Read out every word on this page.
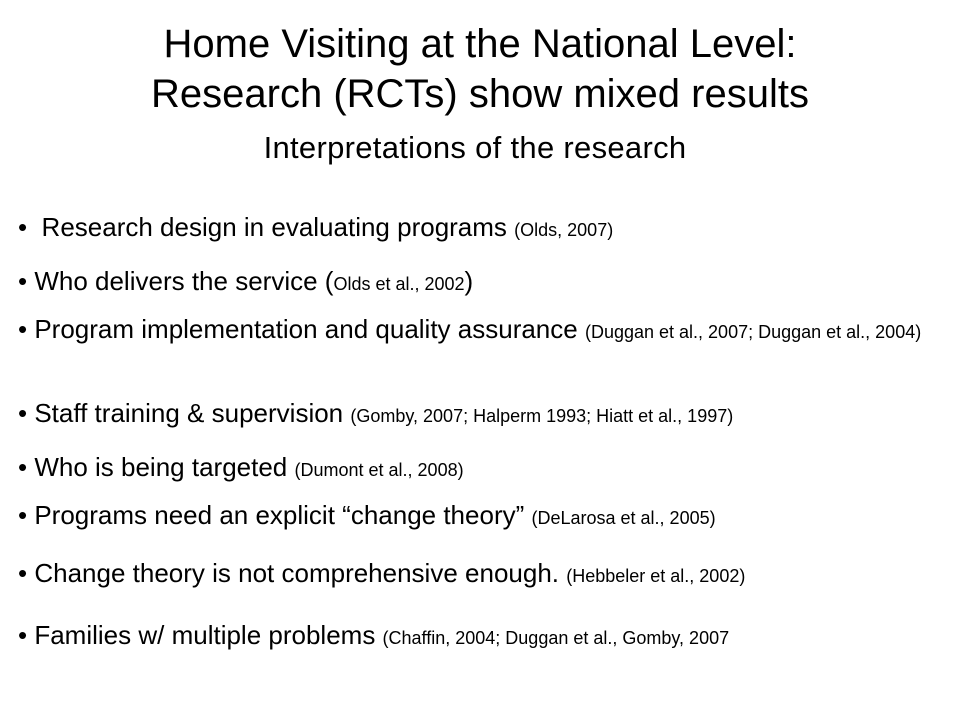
Home Visiting at the National Level:
Research (RCTs) show mixed results
Interpretations of the research
•  Research design in evaluating programs (Olds, 2007)
• Who delivers the service (Olds et al., 2002)
• Program implementation and quality assurance (Duggan et al., 2007; Duggan et al., 2004)
• Staff training & supervision (Gomby, 2007; Halperm 1993; Hiatt et al., 1997)
• Who is being targeted (Dumont et al., 2008)
• Programs need an explicit “change theory” (DeLarosa et al., 2005)
• Change theory is not comprehensive enough. (Hebbeler et al., 2002)
• Families w/ multiple problems (Chaffin, 2004; Duggan et al., Gomby, 2007
